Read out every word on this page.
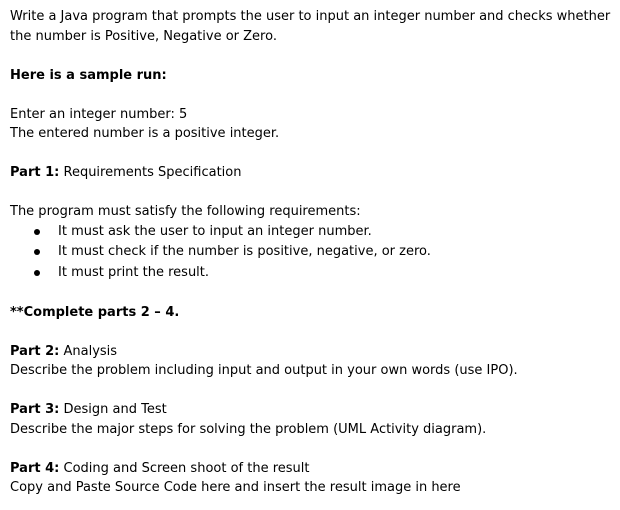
Write a Java program that prompts the user to input an integer number and checks whether

the number is Positive, Negative or Zero.

Here is a sample run:

Enter an integer number: 5

The entered number is a positive integer.

Part 1: Requirements Specification

The program must satisfy the following requirements:

It must ask the user to input an integer number.
It must check if the number is positive, negative, or zero.
It must print the result.

**Complete parts 2 – 4.

Part 2: Analysis

Describe the problem including input and output in your own words (use IPO).

Part 3: Design and Test

Describe the major steps for solving the problem (UML Activity diagram).

Part 4: Coding and Screen shoot of the result

Copy and Paste Source Code here and insert the result image in here
